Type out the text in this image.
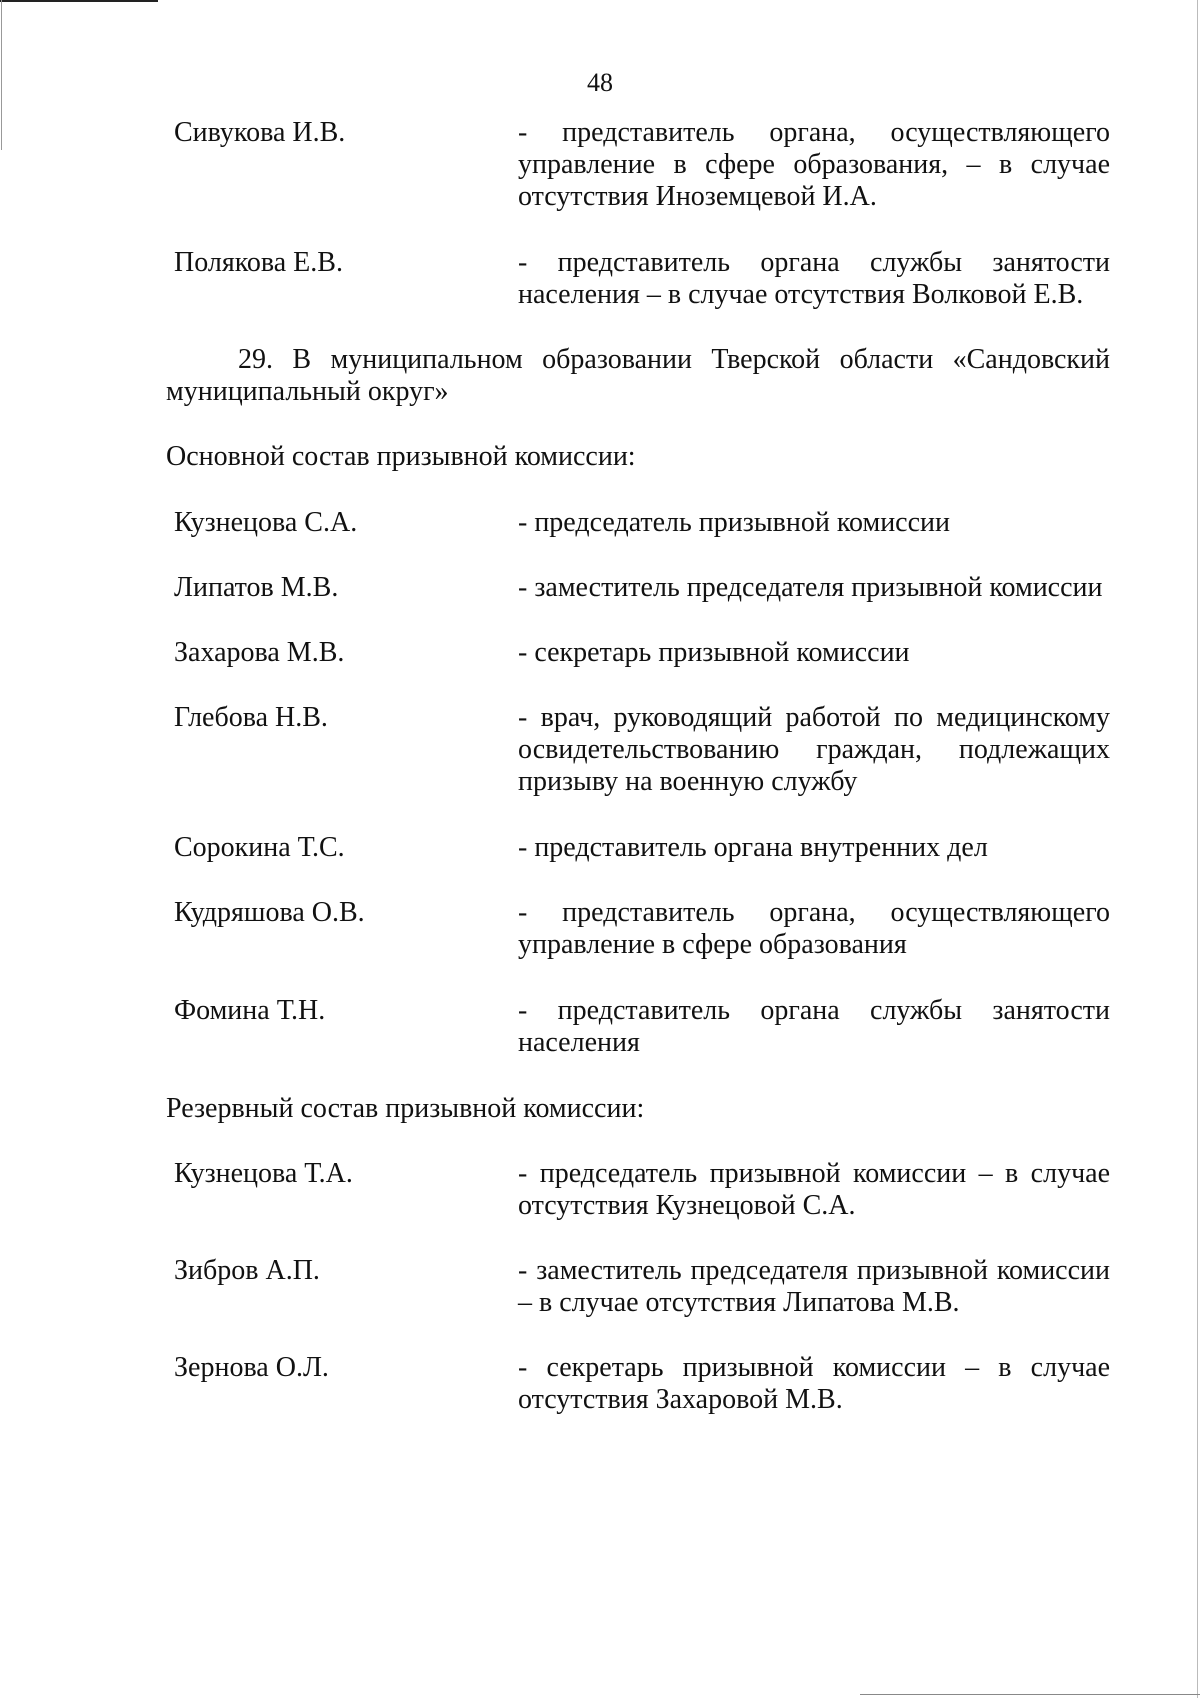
48
Сивукова И.В.	- представитель органа, осуществляющего управление в сфере образования, – в случае отсутствия Иноземцевой И.А.
Полякова Е.В.	- представитель органа службы занятости населения – в случае отсутствия Волковой Е.В.
29. В муниципальном образовании Тверской области «Сандовский муниципальный округ»
Основной состав призывной комиссии:
Кузнецова С.А.	- председатель призывной комиссии
Липатов М.В.	- заместитель председателя призывной комиссии
Захарова М.В.	- секретарь призывной комиссии
Глебова Н.В.	- врач, руководящий работой по медицинскому освидетельствованию граждан, подлежащих призыву на военную службу
Сорокина Т.С.	- представитель органа внутренних дел
Кудряшова О.В.	- представитель органа, осуществляющего управление в сфере образования
Фомина Т.Н.	- представитель органа службы занятости населения
Резервный состав призывной комиссии:
Кузнецова Т.А.	- председатель призывной комиссии – в случае отсутствия Кузнецовой С.А.
Зибров А.П.	- заместитель председателя призывной комиссии – в случае отсутствия Липатова М.В.
Зернова О.Л.	- секретарь призывной комиссии – в случае отсутствия Захаровой М.В.
